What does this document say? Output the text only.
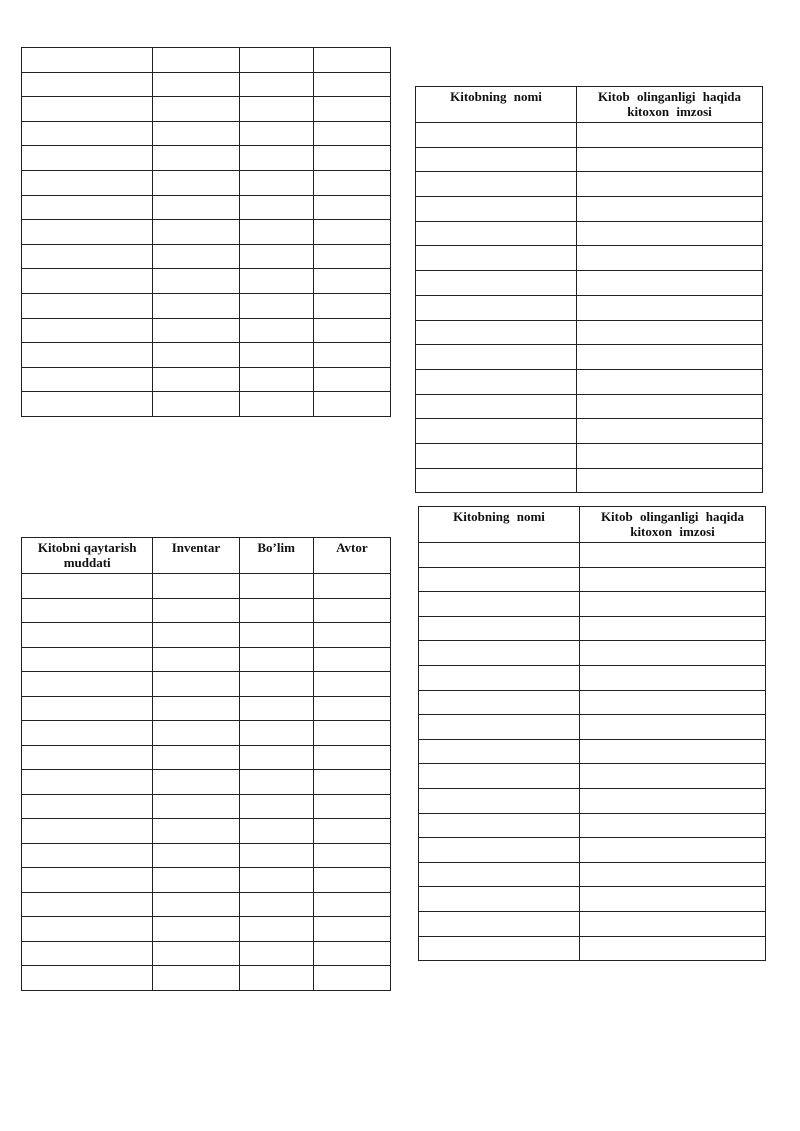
Kitobni qaytarish muddati	Inventar	Bo’lim	Avtor

Kitobning nomi	Kitob olinganligi haqida kitoxon imzosi

Kitobning nomi	Kitob olinganligi haqida kitoxon imzosi
